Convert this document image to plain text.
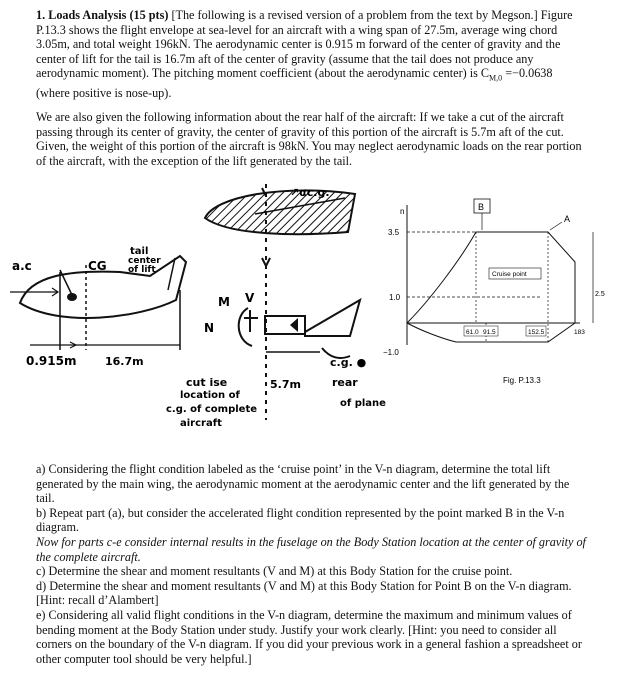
1. Loads Analysis (15 pts) [The following is a revised version of a problem from the text by Megson.] Figure P.13.3 shows the flight envelope at sea-level for an aircraft with a wing span of 27.5m, average wing chord 3.05m, and total weight 196kN. The aerodynamic center is 0.915 m forward of the center of gravity and the center of lift for the tail is 16.7m aft of the center of gravity (assume that the tail does not produce any aerodynamic moment). The pitching moment coefficient (about the aerodynamic center) is $C_{M,0} =-0.0638$ (where positive is nose-up).
We are also given the following information about the rear half of the aircraft: If we take a cut of the aircraft passing through its center of gravity, the center of gravity of this portion of the aircraft is 5.7m aft of the cut. Given, the weight of this portion of the aircraft is 98kN. You may neglect aerodynamic loads on the rear portion of the aircraft, with the exception of the lift generated by the tail.
↗αc.g.
a.c	CG
tail
center
of lift
0.915m	16.7m
M V
N
5.7m
cut ise
location of
c.g. of complete
aircraft
c.g. ●
rear
of plane
n
3.5
1.0
−1.0
B
A
Cruise point
2.5
61.0 91.5	152.5	183
Fig. P.13.3

a) Considering the flight condition labeled as the ‘cruise point’ in the V-n diagram, determine the total lift generated by the main wing, the aerodynamic moment at the aerodynamic center and the lift generated by the tail.

b) Repeat part (a), but consider the accelerated flight condition represented by the point marked B in the V-n diagram.

Now for parts c-e consider internal results in the fuselage on the Body Station location at the center of gravity of the complete aircraft.

c) Determine the shear and moment resultants (V and M) at this Body Station for the cruise point.

d) Determine the shear and moment resultants (V and M) at this Body Station for Point B on the V-n diagram. [Hint: recall d’Alambert]

e) Considering all valid flight conditions in the V-n diagram, determine the maximum and minimum values of bending moment at the Body Station under study. Justify your work clearly. [Hint: you need to consider all corners on the boundary of the V-n diagram. If you did your previous work in a general fashion a spreadsheet or other computer tool should be very helpful.]
